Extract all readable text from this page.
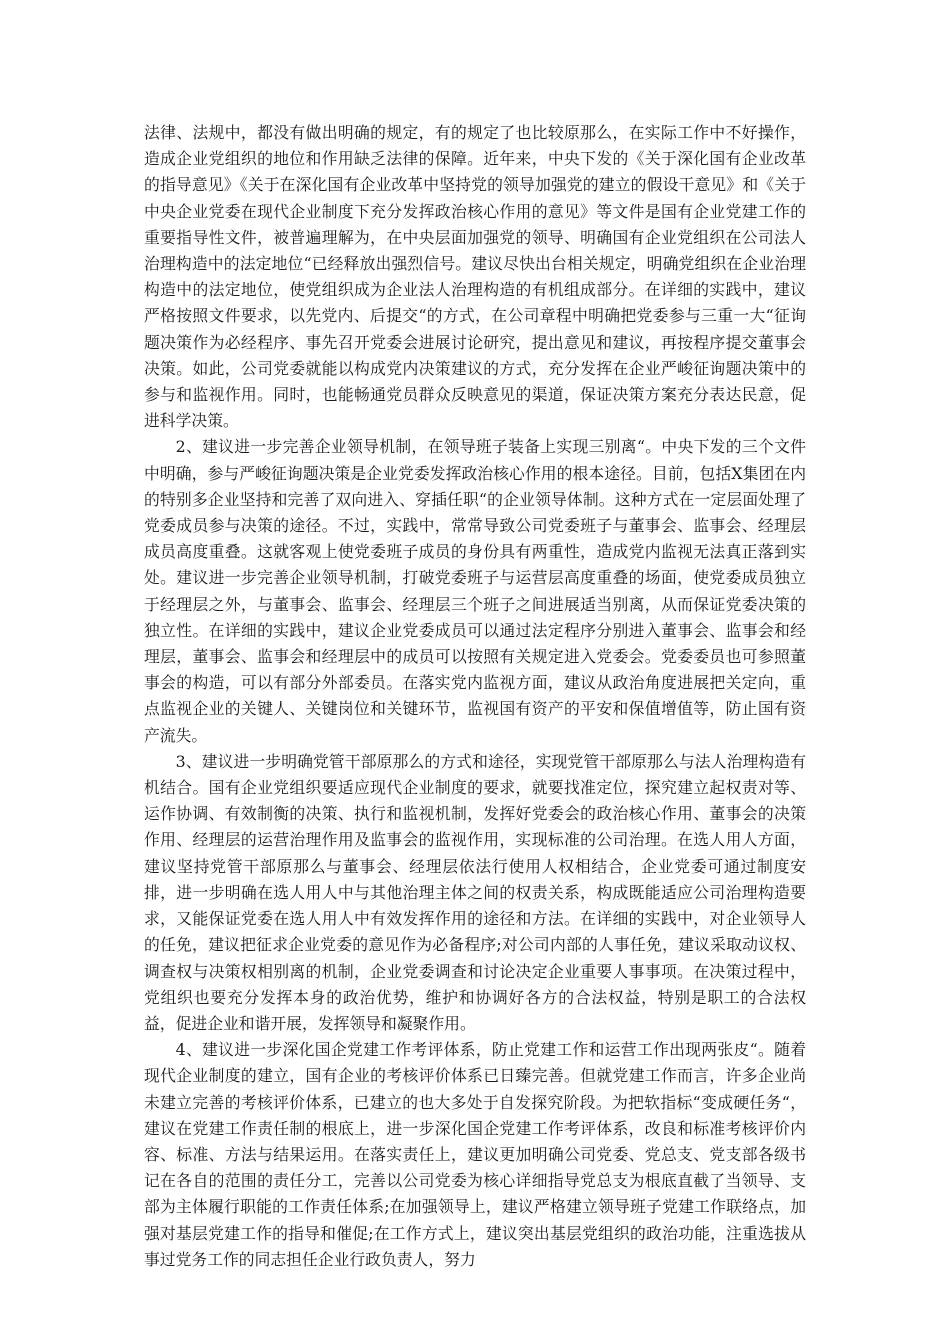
法律、法规中，都没有做出明确的规定，有的规定了也比较原那么，在实际工作中不好操作，造成企业党组织的地位和作用缺乏法律的保障。近年来，中央下发的《关于深化国有企业改革的指导意见》《关于在深化国有企业改革中坚持党的领导加强党的建立的假设干意见》和《关于中央企业党委在现代企业制度下充分发挥政治核心作用的意见》等文件是国有企业党建工作的重要指导性文件，被普遍理解为，在中央层面加强党的领导、明确国有企业党组织在公司法人治理构造中的法定地位“已经释放出强烈信号。建议尽快出台相关规定，明确党组织在企业治理构造中的法定地位，使党组织成为企业法人治理构造的有机组成部分。在详细的实践中，建议严格按照文件要求，以先党内、后提交“的方式，在公司章程中明确把党委参与三重一大“征询题决策作为必经程序、事先召开党委会进展讨论研究，提出意见和建议，再按程序提交董事会决策。如此，公司党委就能以构成党内决策建议的方式，充分发挥在企业严峻征询题决策中的参与和监视作用。同时，也能畅通党员群众反映意见的渠道，保证决策方案充分表达民意，促进科学决策。

2、建议进一步完善企业领导机制，在领导班子装备上实现三别离“。中央下发的三个文件中明确，参与严峻征询题决策是企业党委发挥政治核心作用的根本途径。目前，包括X集团在内的特别多企业坚持和完善了双向进入、穿插任职“的企业领导体制。这种方式在一定层面处理了党委成员参与决策的途径。不过，实践中，常常导致公司党委班子与董事会、监事会、经理层成员高度重叠。这就客观上使党委班子成员的身份具有两重性，造成党内监视无法真正落到实处。建议进一步完善企业领导机制，打破党委班子与运营层高度重叠的场面，使党委成员独立于经理层之外，与董事会、监事会、经理层三个班子之间进展适当别离，从而保证党委决策的独立性。在详细的实践中，建议企业党委成员可以通过法定程序分别进入董事会、监事会和经理层，董事会、监事会和经理层中的成员可以按照有关规定进入党委会。党委委员也可参照董事会的构造，可以有部分外部委员。在落实党内监视方面，建议从政治角度进展把关定向，重点监视企业的关键人、关键岗位和关键环节，监视国有资产的平安和保值增值等，防止国有资产流失。

3、建议进一步明确党管干部原那么的方式和途径，实现党管干部原那么与法人治理构造有机结合。国有企业党组织要适应现代企业制度的要求，就要找准定位，探究建立起权责对等、运作协调、有效制衡的决策、执行和监视机制，发挥好党委会的政治核心作用、董事会的决策作用、经理层的运营治理作用及监事会的监视作用，实现标准的公司治理。在选人用人方面，建议坚持党管干部原那么与董事会、经理层依法行使用人权相结合，企业党委可通过制度安排，进一步明确在选人用人中与其他治理主体之间的权责关系，构成既能适应公司治理构造要求，又能保证党委在选人用人中有效发挥作用的途径和方法。在详细的实践中，对企业领导人的任免，建议把征求企业党委的意见作为必备程序;对公司内部的人事任免，建议采取动议权、调查权与决策权相别离的机制，企业党委调查和讨论决定企业重要人事事项。在决策过程中，党组织也要充分发挥本身的政治优势，维护和协调好各方的合法权益，特别是职工的合法权益，促进企业和谐开展，发挥领导和凝聚作用。

4、建议进一步深化国企党建工作考评体系，防止党建工作和运营工作出现两张皮“。随着现代企业制度的建立，国有企业的考核评价体系已日臻完善。但就党建工作而言，许多企业尚未建立完善的考核评价体系，已建立的也大多处于自发探究阶段。为把软指标“变成硬任务“，建议在党建工作责任制的根底上，进一步深化国企党建工作考评体系，改良和标准考核评价内容、标准、方法与结果运用。在落实责任上，建议更加明确公司党委、党总支、党支部各级书记在各自的范围的责任分工，完善以公司党委为核心详细指导党总支为根底直截了当领导、支部为主体履行职能的工作责任体系;在加强领导上，建议严格建立领导班子党建工作联络点，加强对基层党建工作的指导和催促;在工作方式上，建议突出基层党组织的政治功能，注重选拔从事过党务工作的同志担任企业行政负责人，努力
